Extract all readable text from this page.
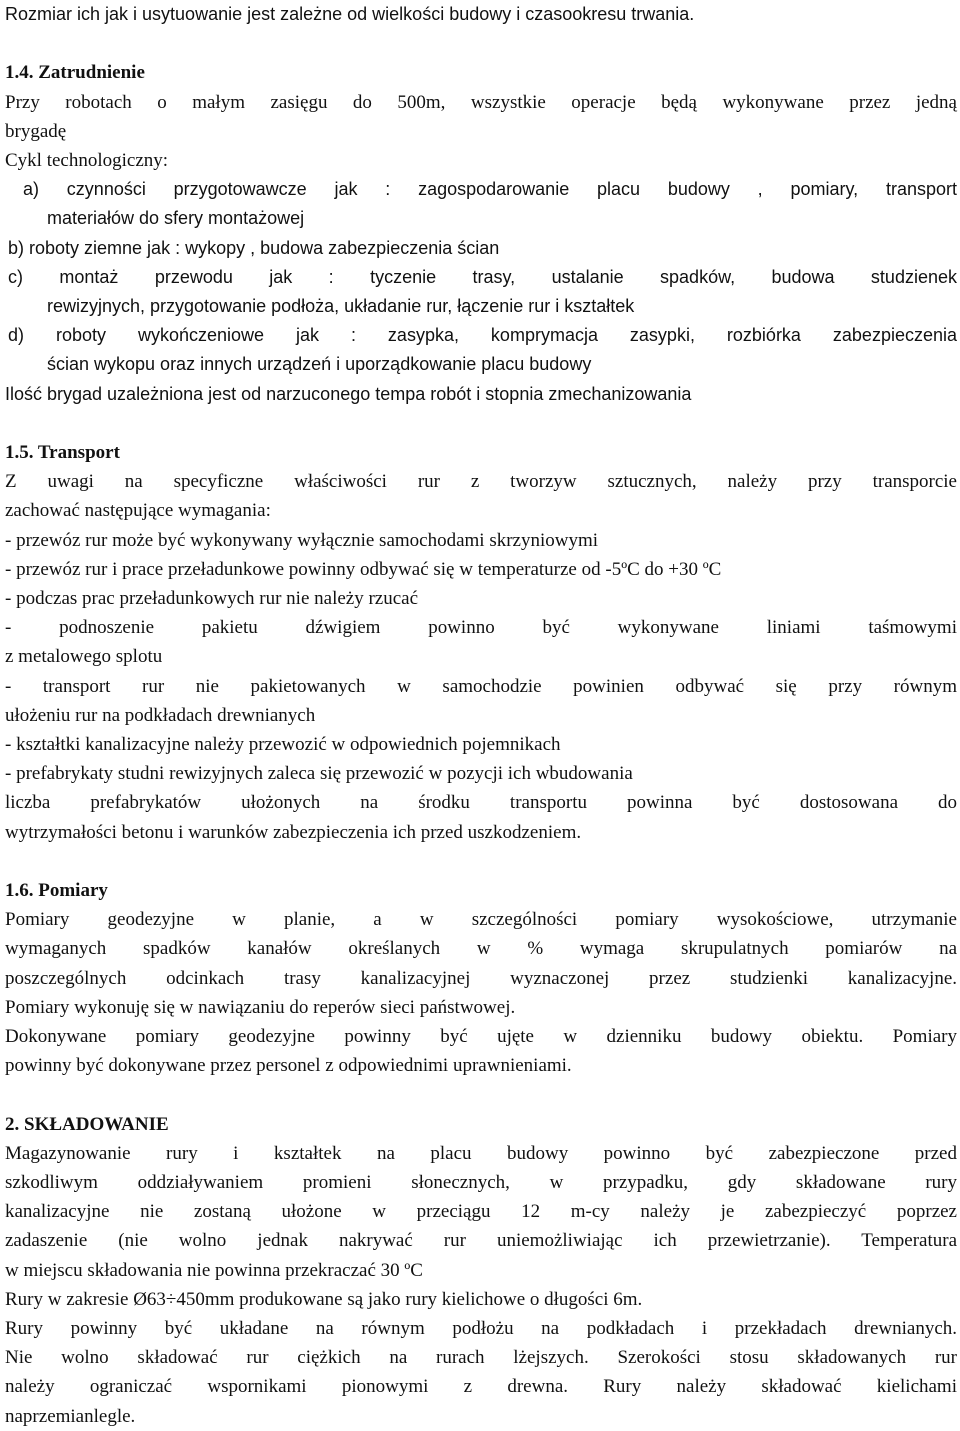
Rozmiar ich jak i usytuowanie jest zależne od wielkości budowy i czasookresu trwania.
1.4. Zatrudnienie
Przy robotach o małym zasięgu do 500m, wszystkie operacje będą wykonywane przez jedną
brygadę
Cykl technologiczny:
a) czynności przygotowawcze jak : zagospodarowanie placu budowy , pomiary, transport
materiałów do sfery montażowej
b) roboty ziemne jak : wykopy , budowa zabezpieczenia ścian
c) montaż przewodu jak : tyczenie trasy, ustalanie spadków, budowa studzienek
rewizyjnych, przygotowanie podłoża, układanie rur, łączenie rur i kształtek
d) roboty wykończeniowe jak : zasypka, komprymacja zasypki, rozbiórka zabezpieczenia
ścian wykopu oraz innych urządzeń i uporządkowanie placu budowy
Ilość brygad uzależniona jest od narzuconego tempa robót i stopnia zmechanizowania
1.5. Transport
Z uwagi na specyficzne właściwości rur z tworzyw sztucznych, należy przy transporcie
zachować następujące wymagania:
- przewóz rur może być wykonywany wyłącznie samochodami skrzyniowymi
- przewóz rur i prace przeładunkowe powinny odbywać się w temperaturze od -5ºC do +30 ºC
- podczas prac przeładunkowych rur nie należy rzucać
- podnoszenie pakietu dźwigiem powinno być wykonywane liniami taśmowymi
z metalowego splotu
- transport rur nie pakietowanych w samochodzie powinien odbywać się przy równym
ułożeniu rur na podkładach drewnianych
- kształtki kanalizacyjne należy przewozić w odpowiednich pojemnikach
- prefabrykaty studni rewizyjnych zaleca się przewozić w pozycji ich wbudowania
liczba prefabrykatów ułożonych na środku transportu powinna być dostosowana do
wytrzymałości betonu i warunków zabezpieczenia ich przed uszkodzeniem.
1.6. Pomiary
Pomiary geodezyjne w planie, a w szczególności pomiary wysokościowe, utrzymanie
wymaganych spadków kanałów określanych w % wymaga skrupulatnych pomiarów na
poszczególnych odcinkach trasy kanalizacyjnej wyznaczonej przez studzienki kanalizacyjne.
Pomiary wykonuję się w nawiązaniu do reperów sieci państwowej.
Dokonywane pomiary geodezyjne powinny być ujęte w dzienniku budowy obiektu. Pomiary
powinny być dokonywane przez personel z odpowiednimi uprawnieniami.
2. SKŁADOWANIE
Magazynowanie rury i kształtek na placu budowy powinno być zabezpieczone przed
szkodliwym oddziaływaniem promieni słonecznych, w przypadku, gdy składowane rury
kanalizacyjne nie zostaną ułożone w przeciągu 12 m-cy należy je zabezpieczyć poprzez
zadaszenie (nie wolno jednak nakrywać rur uniemożliwiając ich przewietrzanie). Temperatura
w miejscu składowania nie powinna przekraczać 30 ºC
Rury w zakresie Ø63÷450mm produkowane są jako rury kielichowe o długości 6m.
Rury powinny być układane na równym podłożu na podkładach i przekładach drewnianych.
Nie wolno składować rur ciężkich na rurach lżejszych. Szerokości stosu składowanych rur
należy ograniczać wspornikami pionowymi z drewna. Rury należy składować kielichami
naprzemianlegle.
